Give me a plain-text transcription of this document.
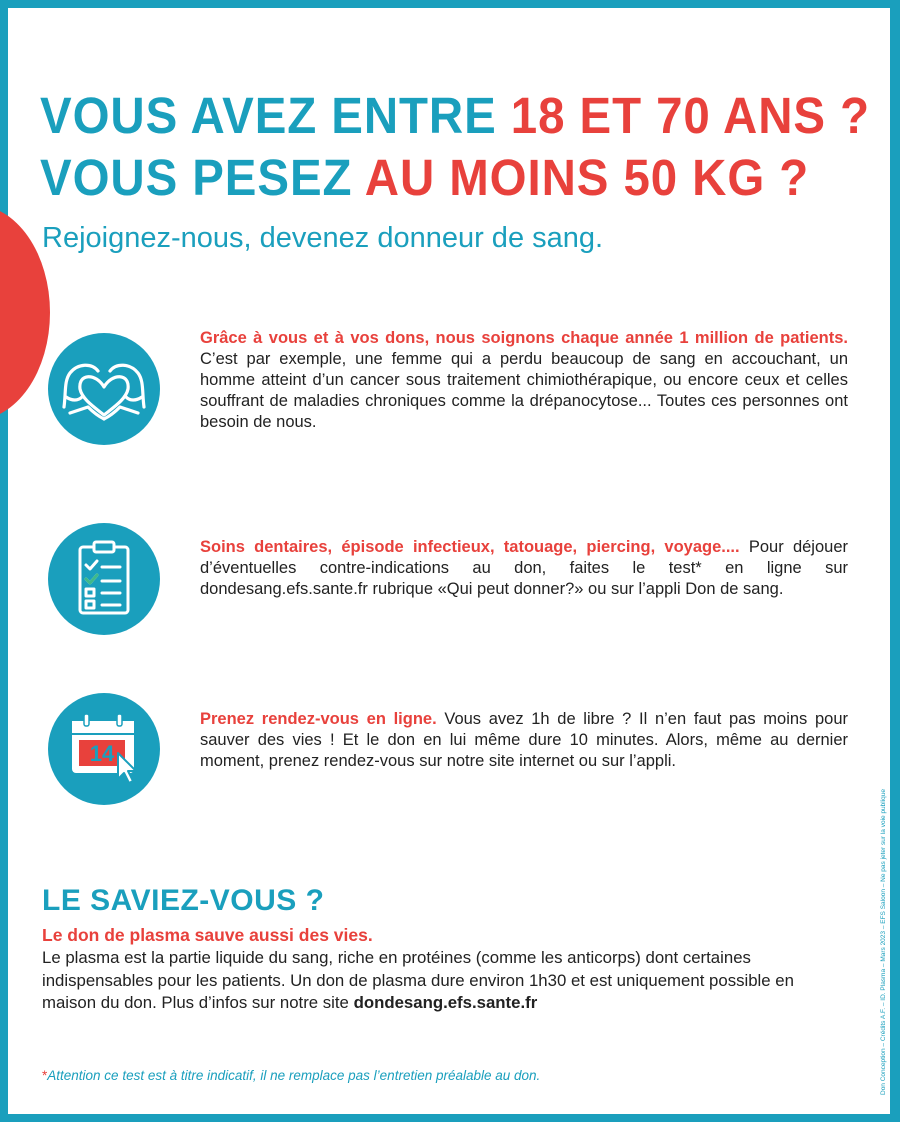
VOUS AVEZ ENTRE 18 ET 70 ANS ?
VOUS PESEZ AU MOINS 50 KG ?
Rejoignez-nous, devenez donneur de sang.
Grâce à vous et à vos dons, nous soignons chaque année 1 million de patients. C’est par exemple, une femme qui a perdu beaucoup de sang en accouchant, un homme atteint d’un cancer sous traitement chimiothérapique, ou encore ceux et celles souffrant de maladies chroniques comme la drépanocytose... Toutes ces personnes ont besoin de nous.
Soins dentaires, épisode infectieux, tatouage, piercing, voyage.... Pour déjouer d’éventuelles contre-indications au don, faites le test* en ligne sur dondesang.efs.sante.fr rubrique «Qui peut donner?» ou sur l’appli Don de sang.
14
Prenez rendez-vous en ligne. Vous avez 1h de libre ? Il n’en faut pas moins pour sauver des vies ! Et le don en lui même dure 10 minutes. Alors, même au dernier moment, prenez rendez-vous sur notre site internet ou sur l’appli.
LE SAVIEZ-VOUS ?
Le don de plasma sauve aussi des vies.
Le plasma est la partie liquide du sang, riche en protéines (comme les anticorps) dont certaines indispensables pour les patients. Un don de plasma dure environ 1h30 et est uniquement possible en maison du don. Plus d’infos sur notre site dondesang.efs.sante.fr
*Attention ce test est à titre indicatif, il ne remplace pas l’entretien préalable au don.	Don Conception – Crédits A.F. – ID. Plasma – Mars 2023 – EFS Saloon – Ne pas jeter sur la voie publique
